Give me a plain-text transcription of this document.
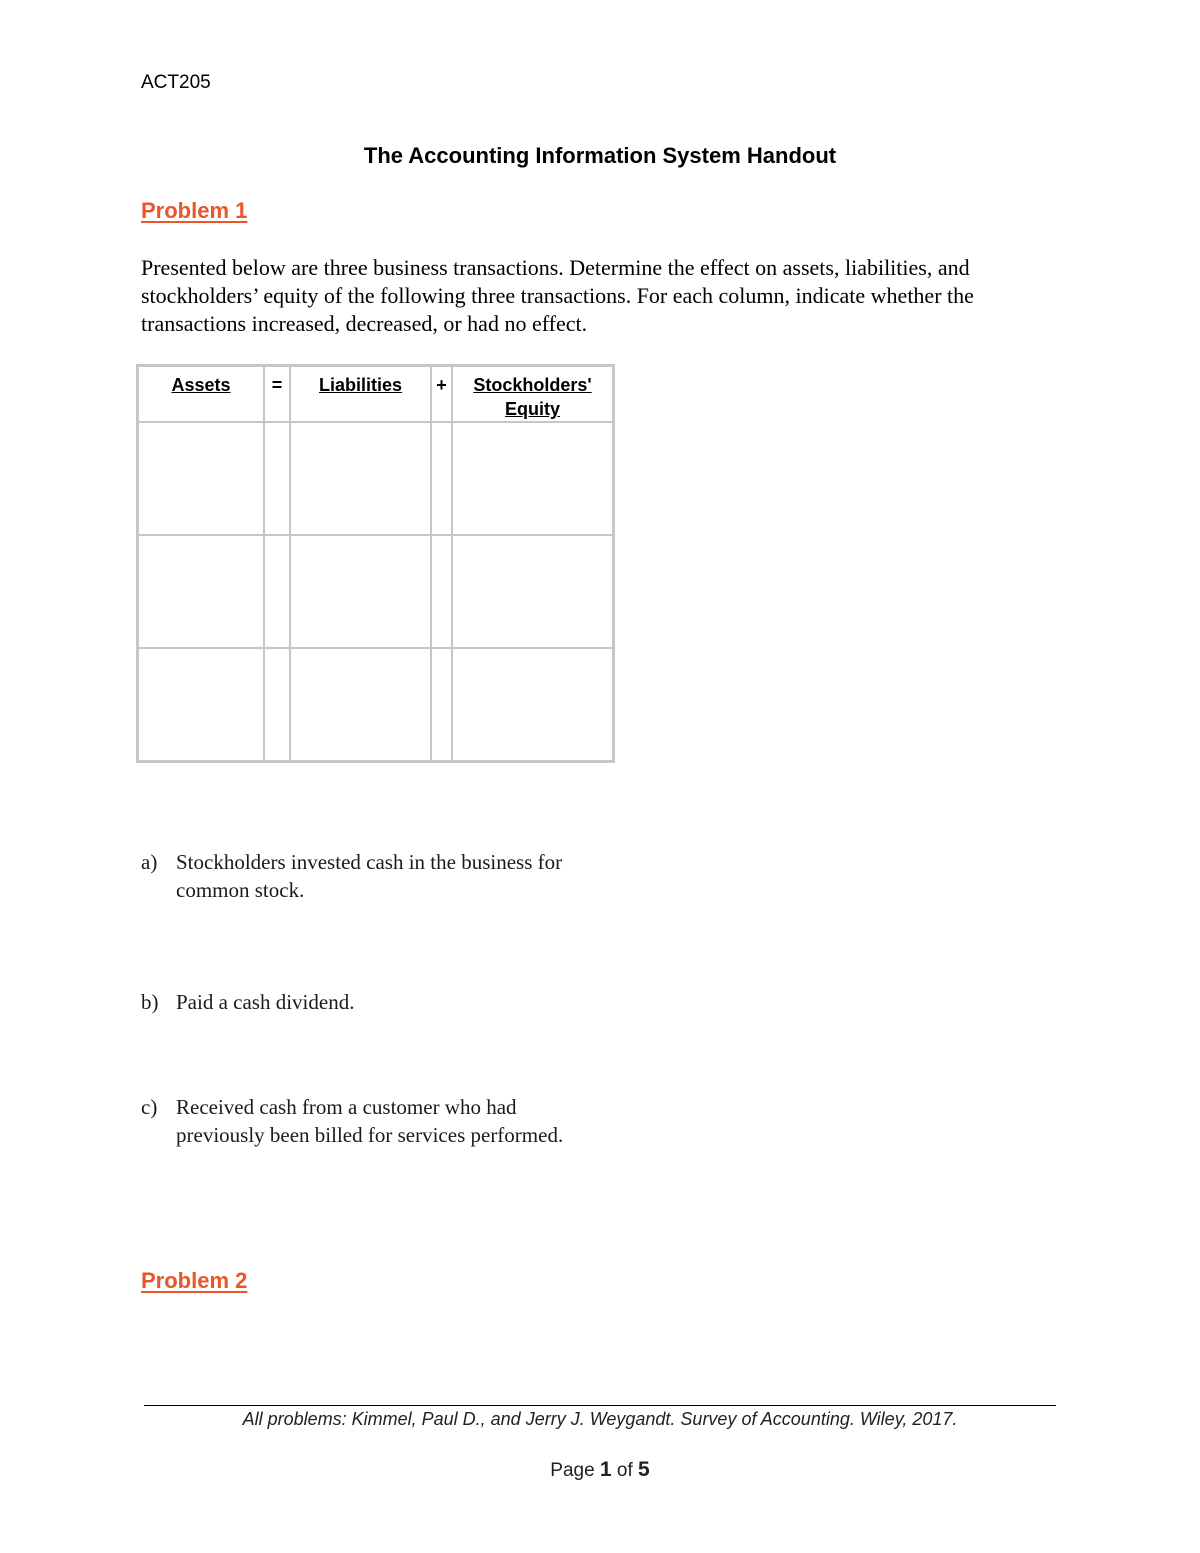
ACT205
The Accounting Information System Handout
Problem 1
Presented below are three business transactions. Determine the effect on assets, liabilities, and stockholders’ equity of the following three transactions. For each column, indicate whether the transactions increased, decreased, or had no effect.
Assets	=	Liabilities	+	Stockholders'
Equity

a) Stockholders invested cash in the business for common stock.
b) Paid a cash dividend.
c) Received cash from a customer who had previously been billed for services performed.
Problem 2
All problems: Kimmel, Paul D., and Jerry J. Weygandt. Survey of Accounting. Wiley, 2017.
Page 1 of 5
